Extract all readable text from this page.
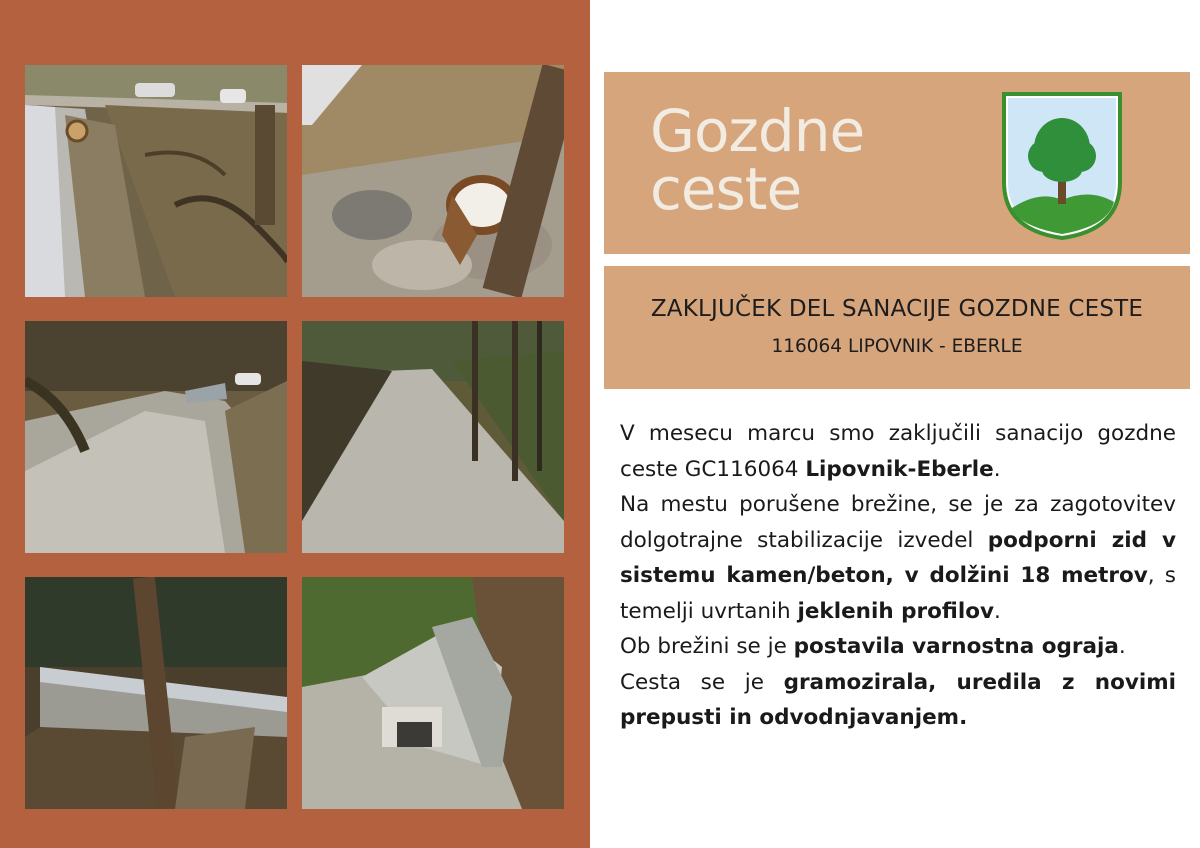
Gozdne
ceste
ZAKLJUČEK DEL SANACIJE GOZDNE CESTE
116064 LIPOVNIK - EBERLE

V mesecu marcu smo zaključili sanacijo gozdne ceste GC116064 Lipovnik-Eberle.

Na mestu porušene brežine, se je za zagotovitev dolgotrajne stabilizacije izvedel podporni zid v sistemu kamen/beton, v dolžini 18 metrov, s temelji uvrtanih jeklenih profilov.

Ob brežini se je postavila varnostna ograja.

Cesta se je gramozirala, uredila z novimi prepusti in odvodnjavanjem.
